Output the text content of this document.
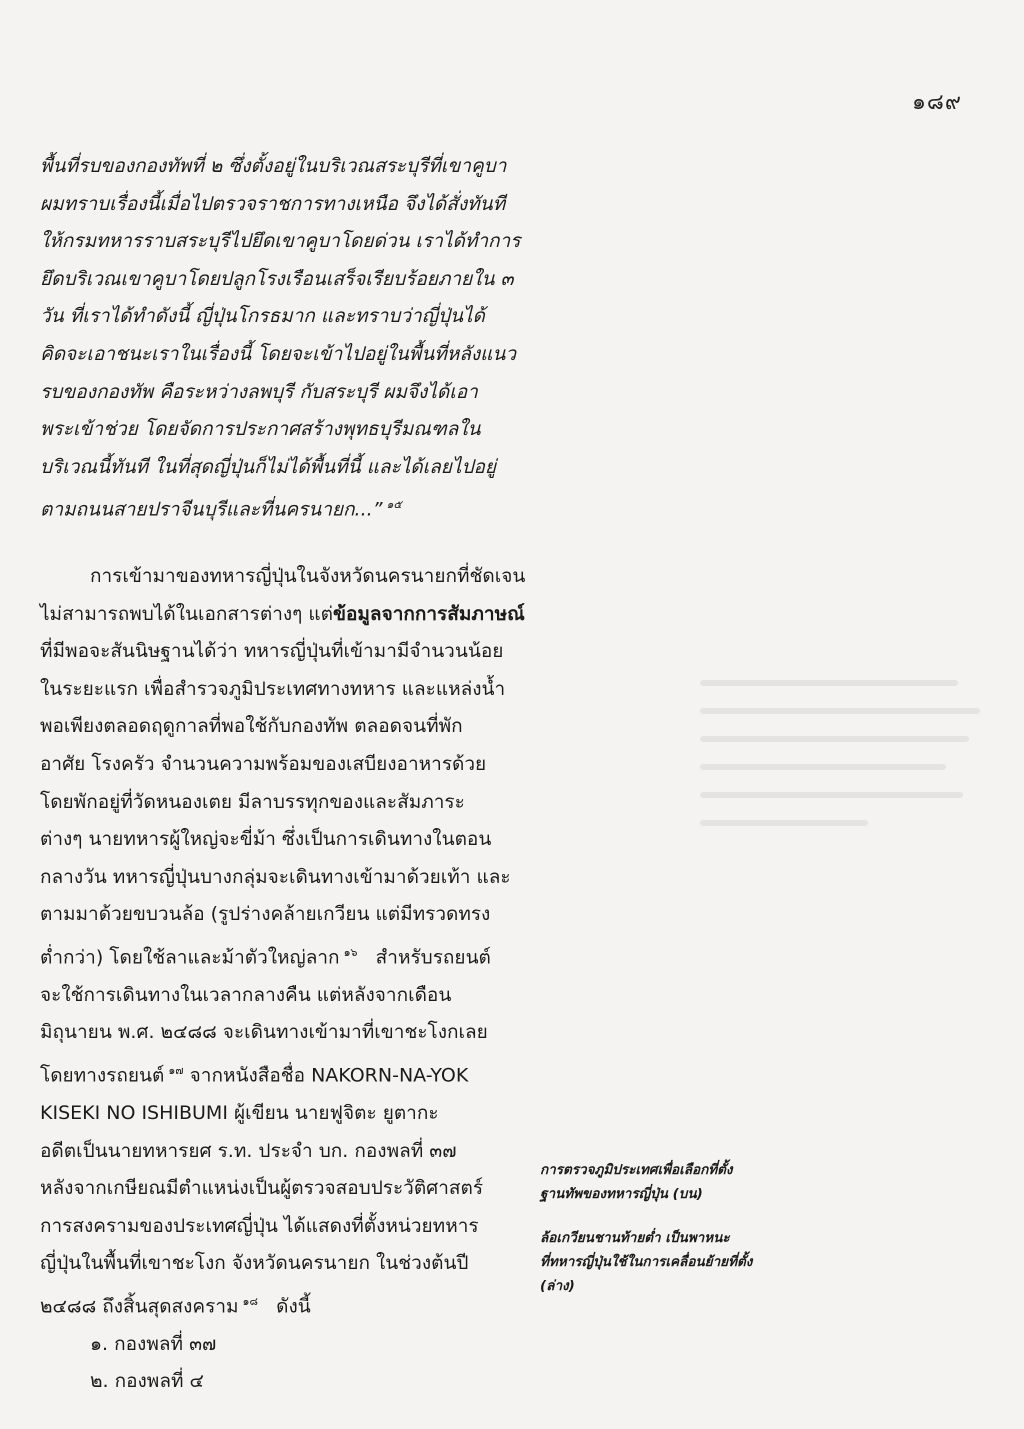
๑๘๙
พื้นที่รบของกองทัพที่ ๒ ซึ่งตั้งอยู่ในบริเวณสระบุรีที่เขาคูบา
ผมทราบเรื่องนี้เมื่อไปตรวจราชการทางเหนือ จึงได้สั่งทันที
ให้กรมทหารราบสระบุรีไปยึดเขาคูบาโดยด่วน เราได้ทำการ
ยึดบริเวณเขาคูบาโดยปลูกโรงเรือนเสร็จเรียบร้อยภายใน ๓
วัน ที่เราได้ทำดังนี้ ญี่ปุ่นโกรธมาก และทราบว่าญี่ปุ่นได้
คิดจะเอาชนะเราในเรื่องนี้ โดยจะเข้าไปอยู่ในพื้นที่หลังแนว
รบของกองทัพ คือระหว่างลพบุรี กับสระบุรี ผมจึงได้เอา
พระเข้าช่วย โดยจัดการประกาศสร้างพุทธบุรีมณฑลใน
บริเวณนี้ทันที ในที่สุดญี่ปุ่นก็ไม่ได้พื้นที่นี้ และได้เลยไปอยู่
ตามถนนสายปราจีนบุรีและที่นครนายก...” $^{๑๕}$
การเข้ามาของทหารญี่ปุ่นในจังหวัดนครนายกที่ชัดเจน
ไม่สามารถพบได้ในเอกสารต่างๆ แต่ข้อมูลจากการสัมภาษณ์
ที่มีพอจะสันนิษฐานได้ว่า ทหารญี่ปุ่นที่เข้ามามีจำนวนน้อย
ในระยะแรก เพื่อสำรวจภูมิประเทศทางทหาร และแหล่งน้ำ
พอเพียงตลอดฤดูกาลที่พอใช้กับกองทัพ ตลอดจนที่พัก
อาศัย โรงครัว จำนวนความพร้อมของเสบียงอาหารด้วย
โดยพักอยู่ที่วัดหนองเตย มีลาบรรทุกของและสัมภาระ
ต่างๆ นายทหารผู้ใหญ่จะขี่ม้า ซึ่งเป็นการเดินทางในตอน
กลางวัน ทหารญี่ปุ่นบางกลุ่มจะเดินทางเข้ามาด้วยเท้า และ
ตามมาด้วยขบวนล้อ (รูปร่างคล้ายเกวียน แต่มีทรวดทรง
ต่ำกว่า) โดยใช้ลาและม้าตัวใหญ่ลาก $^{๑๖}$ สำหรับรถยนต์
จะใช้การเดินทางในเวลากลางคืน แต่หลังจากเดือน
มิถุนายน พ.ศ. ๒๔๘๘ จะเดินทางเข้ามาที่เขาชะโงกเลย
โดยทางรถยนต์ $^{๑๗}$ จากหนังสือชื่อ NAKORN-NA-YOK
KISEKI NO ISHIBUMI ผู้เขียน นายฟูจิตะ ยูตากะ
อดีตเป็นนายทหารยศ ร.ท. ประจำ บก. กองพลที่ ๓๗
หลังจากเกษียณมีตำแหน่งเป็นผู้ตรวจสอบประวัติศาสตร์
การสงครามของประเทศญี่ปุ่น ได้แสดงที่ตั้งหน่วยทหาร
ญี่ปุ่นในพื้นที่เขาชะโงก จังหวัดนครนายก ในช่วงต้นปี
๒๔๘๘ ถึงสิ้นสุดสงคราม $^{๑๘}$ ดังนี้
๑. กองพลที่ ๓๗
๒. กองพลที่ ๔
การตรวจภูมิประเทศเพื่อเลือกที่ตั้ง
ฐานทัพของทหารญี่ปุ่น (บน)
ล้อเกวียนชานท้ายต่ำ เป็นพาหนะ
ที่ทหารญี่ปุ่นใช้ในการเคลื่อนย้ายที่ตั้ง
(ล่าง)
